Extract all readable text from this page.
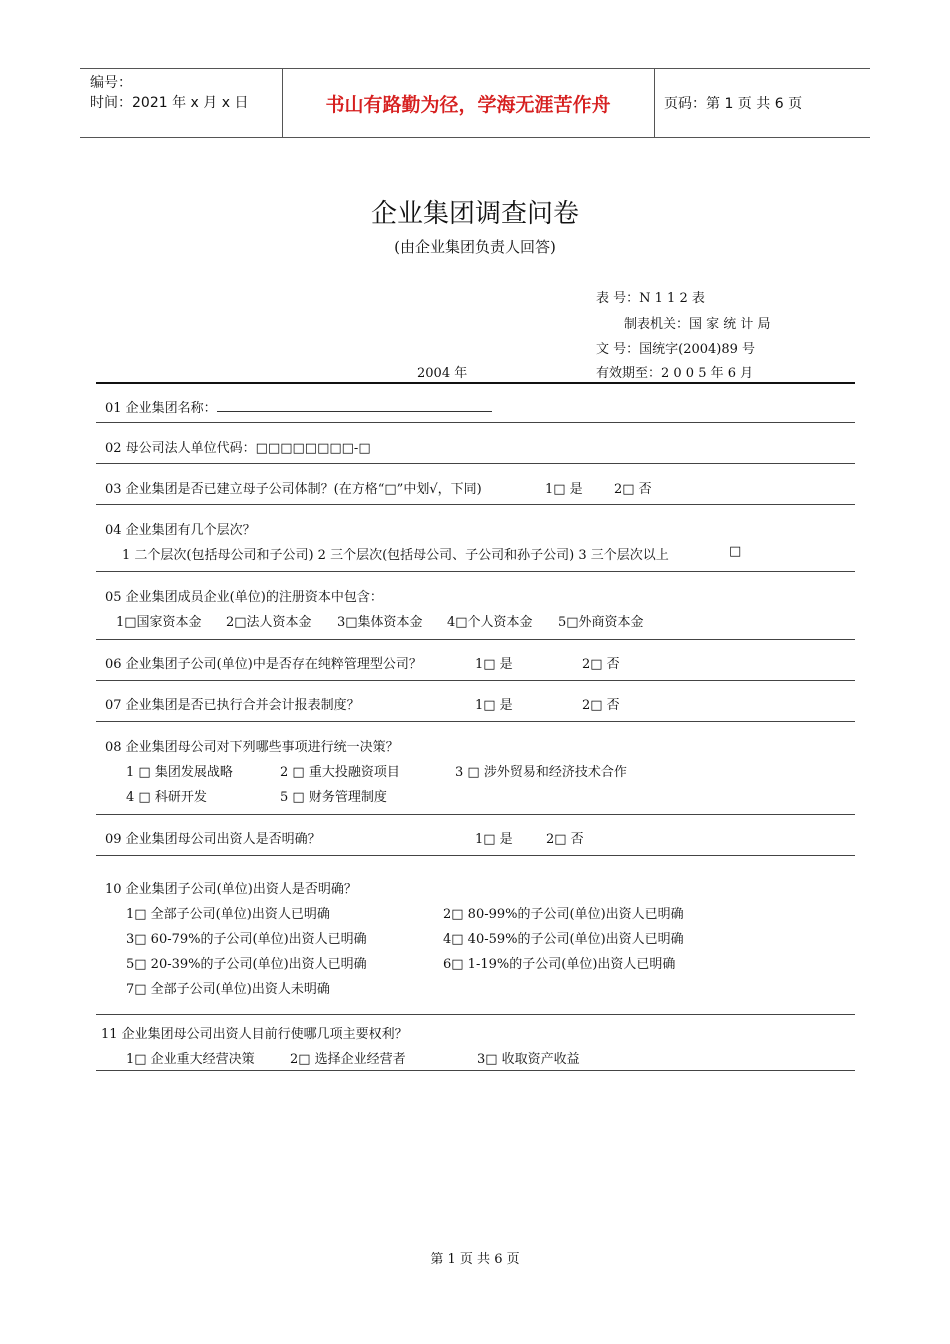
编号：
时间：2021 年 x 月 x 日	书山有路勤为径，学海无涯苦作舟	页码：第 1 页 共 6 页
企业集团调查问卷
(由企业集团负责人回答)
表 号：N 1 1 2 表
制表机关：国 家 统 计 局
文 号：国统字(2004)89 号
2004 年	有效期至：2 0 0 5 年 6 月
01 企业集团名称：
02 母公司法人单位代码：□□□□□□□□-□
03 企业集团是否已建立母子公司体制？(在方格“□”中划√，下同)	1□ 是 2□ 否
04 企业集团有几个层次？
1 二个层次(包括母公司和子公司) 2 三个层次(包括母公司、子公司和孙子公司) 3 三个层次以上	□
05 企业集团成员企业(单位)的注册资本中包含：
1□国家资本金 2□法人资本金 3□集体资本金 4□个人资本金 5□外商资本金
06 企业集团子公司(单位)中是否存在纯粹管理型公司？	1□ 是	2□ 否
07 企业集团是否已执行合并会计报表制度？	1□ 是	2□ 否
08 企业集团母公司对下列哪些事项进行统一决策？
1 □ 集团发展战略	2 □ 重大投融资项目	3 □ 涉外贸易和经济技术合作
4 □ 科研开发	5 □ 财务管理制度
09 企业集团母公司出资人是否明确？	1□ 是	2□ 否
10 企业集团子公司(单位)出资人是否明确？
1□ 全部子公司(单位)出资人已明确	2□ 80-99%的子公司(单位)出资人已明确
3□ 60-79%的子公司(单位)出资人已明确	4□ 40-59%的子公司(单位)出资人已明确
5□ 20-39%的子公司(单位)出资人已明确	6□ 1-19%的子公司(单位)出资人已明确
7□ 全部子公司(单位)出资人未明确
11 企业集团母公司出资人目前行使哪几项主要权利？
1□ 企业重大经营决策	2□ 选择企业经营者	3□ 收取资产收益
第 1 页 共 6 页
